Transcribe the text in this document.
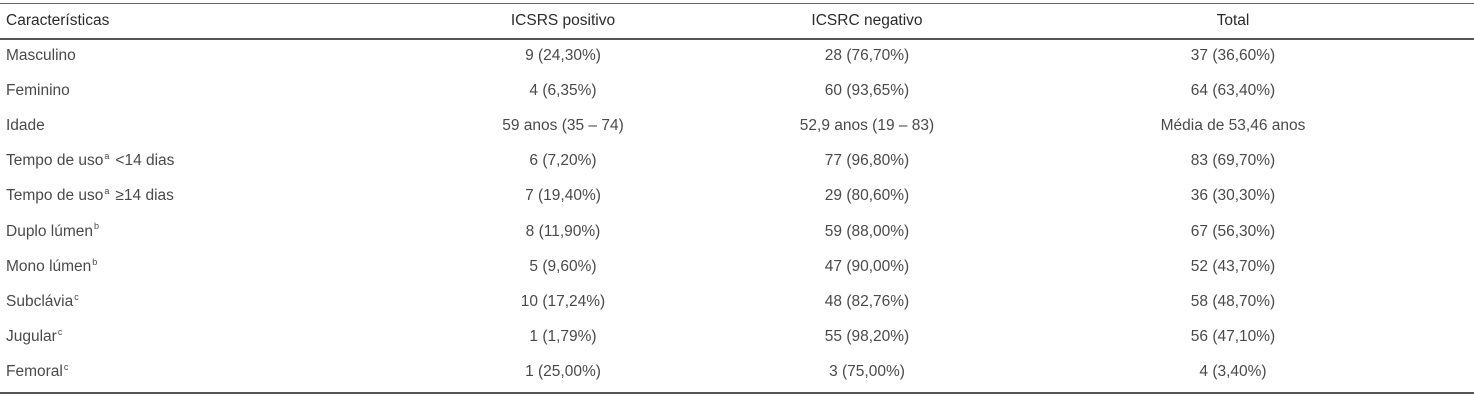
Características	ICSRS positivo	ICSRC negativo	Total
Masculino	9 (24,30%)	28 (76,70%)	37 (36,60%)
Feminino	4 (6,35%)	60 (93,65%)	64 (63,40%)
Idade	59 anos (35 – 74)	52,9 anos (19 – 83)	Média de 53,46 anos
Tempo de uso$^a$ <14 dias	6 (7,20%)	77 (96,80%)	83 (69,70%)
Tempo de uso$^a$ ≥14 dias	7 (19,40%)	29 (80,60%)	36 (30,30%)
Duplo lúmen$^b$	8 (11,90%)	59 (88,00%)	67 (56,30%)
Mono lúmen$^b$	5 (9,60%)	47 (90,00%)	52 (43,70%)
Subclávia$^c$	10 (17,24%)	48 (82,76%)	58 (48,70%)
Jugular$^c$	1 (1,79%)	55 (98,20%)	56 (47,10%)
Femoral$^c$	1 (25,00%)	3 (75,00%)	4 (3,40%)
